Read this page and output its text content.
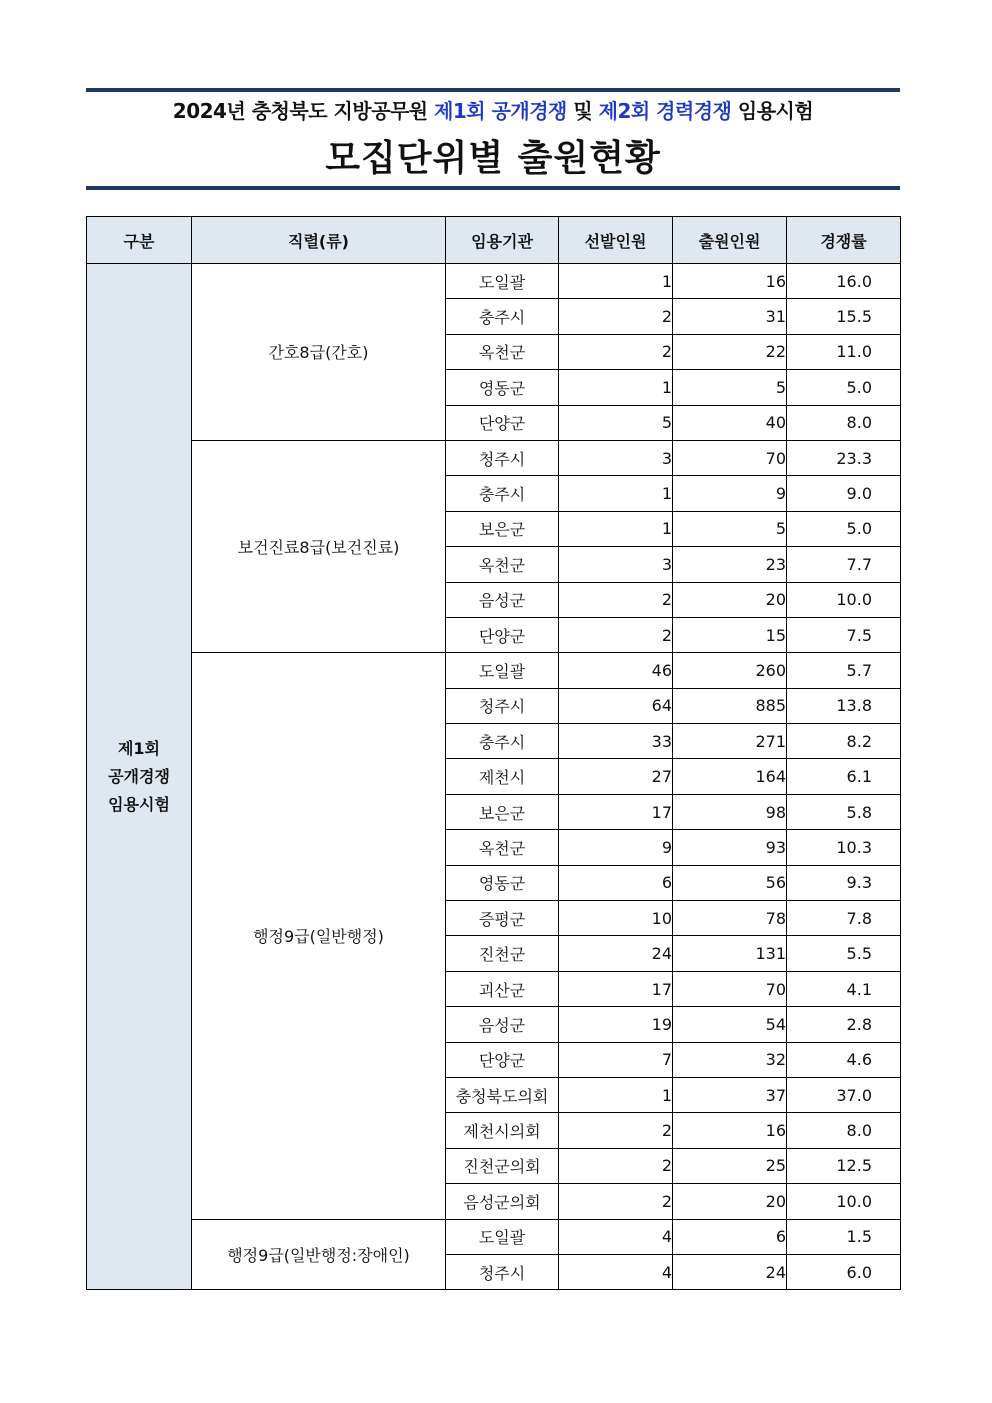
2024년 충청북도 지방공무원 제1회 공개경쟁 및 제2회 경력경쟁 임용시험
모집단위별 출원현황
구분	직렬(류)	임용기관	선발인원	출원인원	경쟁률

제1회
공개경쟁
임용시험	간호8급(간호)	도일괄	1	16	16.0
		충주시	2	31	15.5
		옥천군	2	22	11.0
		영동군	1	5	5.0
		단양군	5	40	8.0
	보건진료8급(보건진료)	청주시	3	70	23.3
		충주시	1	9	9.0
		보은군	1	5	5.0
		옥천군	3	23	7.7
		음성군	2	20	10.0
		단양군	2	15	7.5
	행정9급(일반행정)	도일괄	46	260	5.7
		청주시	64	885	13.8
		충주시	33	271	8.2
		제천시	27	164	6.1
		보은군	17	98	5.8
		옥천군	9	93	10.3
		영동군	6	56	9.3
		증평군	10	78	7.8
		진천군	24	131	5.5
		괴산군	17	70	4.1
		음성군	19	54	2.8
		단양군	7	32	4.6
		충청북도의회	1	37	37.0
		제천시의회	2	16	8.0
		진천군의회	2	25	12.5
		음성군의회	2	20	10.0
	행정9급(일반행정:장애인)	도일괄	4	6	1.5
		청주시	4	24	6.0
